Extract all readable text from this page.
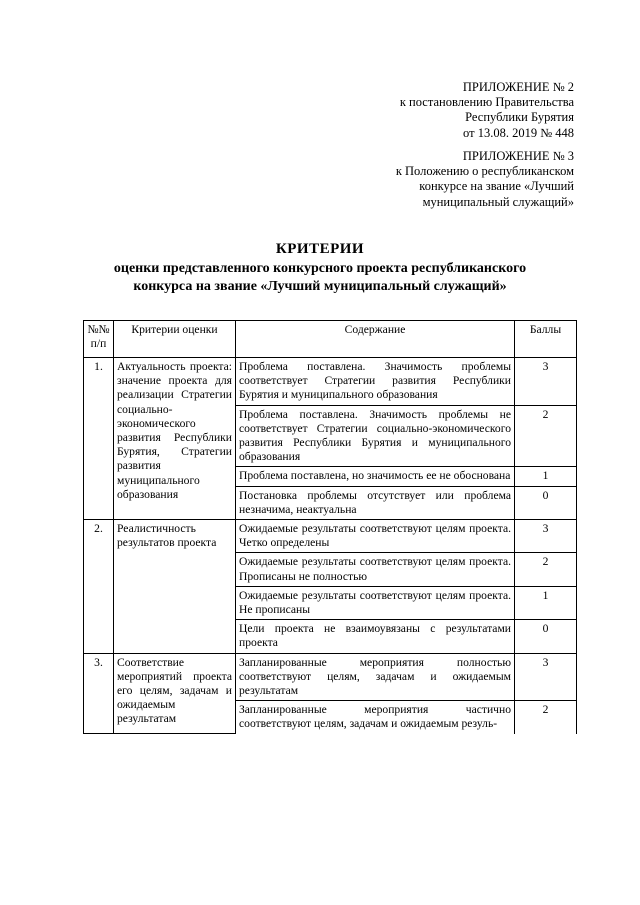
ПРИЛОЖЕНИЕ № 2
к постановлению Правительства
Республики Бурятия
от 13.08. 2019 № 448
ПРИЛОЖЕНИЕ № 3
к Положению о республиканском
конкурсе на звание «Лучший
муниципальный служащий»
КРИТЕРИИ
оценки представленного конкурсного проекта республиканского
конкурса на звание «Лучший муниципальный служащий»
№№ п/п	Критерии оценки	Содержание	Баллы
1.	Актуальность проекта: значение проекта для реализации Стратегии социально-экономического развития Республики Бурятия, Стратегии развития муниципального образования	Проблема поставлена. Значимость проблемы соответствует Стратегии развития Республики Бурятия и муниципального образования	3
		Проблема поставлена. Значимость проблемы не соответствует Стратегии социально-экономического развития Республики Бурятия и муниципального образования	2
		Проблема поставлена, но значимость ее не обоснована	1
		Постановка проблемы отсутствует или проблема незначима, неактуальна	0
2.	Реалистичность результатов проекта	Ожидаемые результаты соответствуют целям проекта. Четко определены	3
		Ожидаемые результаты соответствуют целям проекта. Прописаны не полностью	2
		Ожидаемые результаты соответствуют целям проекта. Не прописаны	1
		Цели проекта не взаимоувязаны с результатами проекта	0
3.	Соответствие мероприятий проекта его целям, задачам и ожидаемым результатам	Запланированные мероприятия полностью соответствуют целям, задачам и ожидаемым результатам	3
		Запланированные мероприятия частично соответствуют целям, задачам и ожидаемым резуль-	2
